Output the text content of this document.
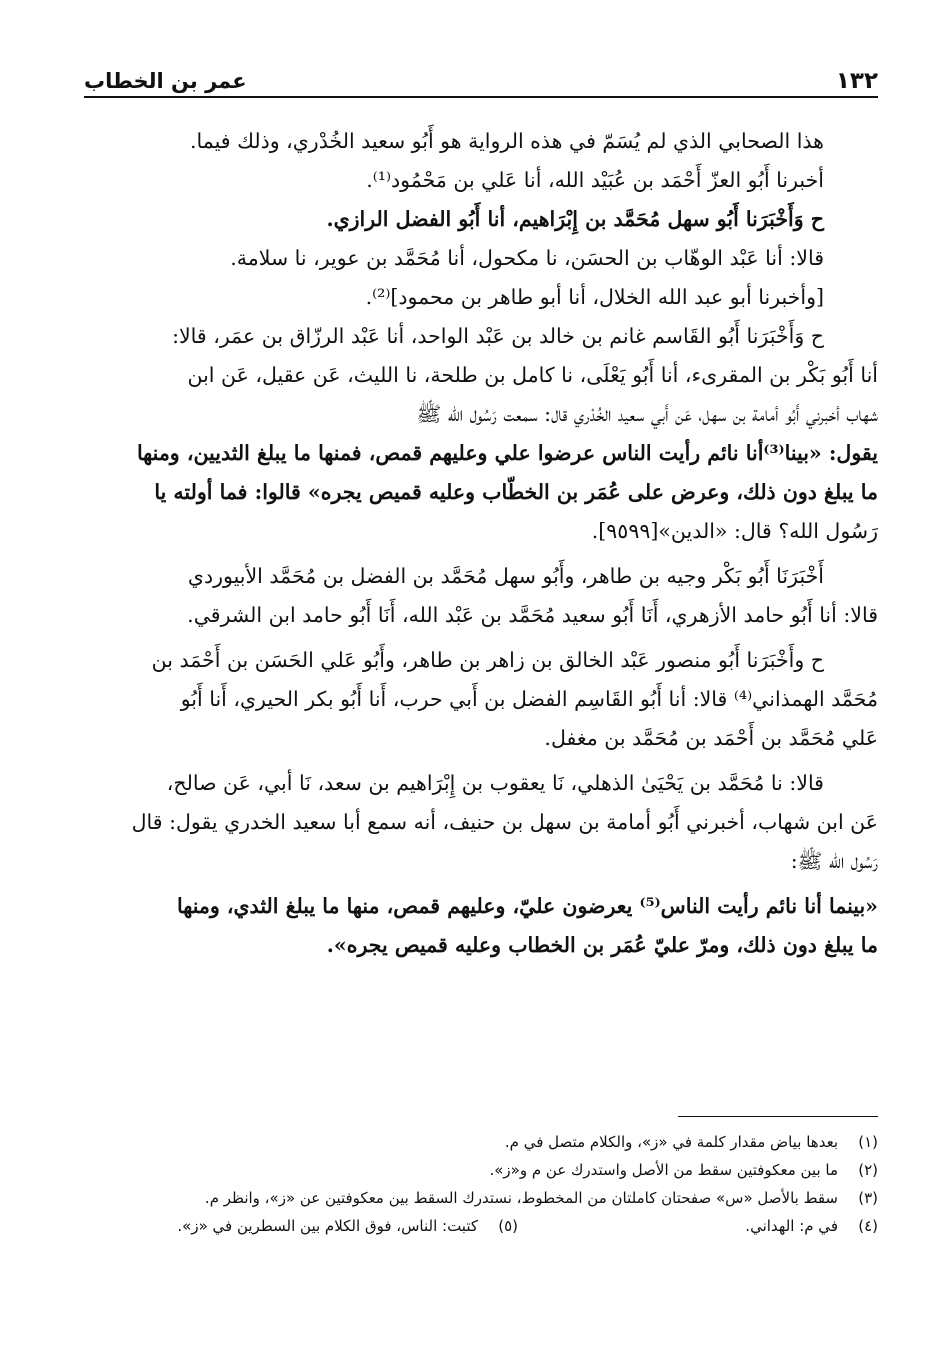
١٣٢
عمر بن الخطاب
هذا الصحابي الذي لم يُسَمّ في هذه الرواية هو أَبُو سعيد الخُدْري، وذلك فيما.
أخبرنا أَبُو العزّ أَحْمَد بن عُبَيْد الله، أنا عَلي بن مَحْمُود⁽¹⁾.
ح وَأَخْبَرَنا أَبُو سهل مُحَمَّد بن إِبْرَاهيم، أنا أَبُو الفضل الرازي.
قالا: أنا عَبْد الوهّاب بن الحسَن، نا مكحول، أنا مُحَمَّد بن عوير، نا سلامة.
[وأخبرنا أبو عبد الله الخلال، أنا أبو طاهر بن محمود]⁽²⁾.
ح وَأَخْبَرَنا أَبُو القَاسم غانم بن خالد بن عَبْد الواحد، أنا عَبْد الرزّاق بن عمَر، قالا:
أنا أَبُو بَكْر بن المقرىء، أنا أَبُو يَعْلَى، نا كامل بن طلحة، نا الليث، عَن عقيل، عَن ابن
شهاب أخبرني أَبُو أمامة بن سهل، عَن أَبي سعيد الخُدْري قال: سمعت رَسُول الله ﷺ
يقول: «بينا⁽³⁾أنا نائم رأيت الناس عرضوا علي وعليهم قمص، فمنها ما يبلغ الثديين، ومنها
ما يبلغ دون ذلك، وعرض على عُمَر بن الخطّاب وعليه قميص يجره» قالوا: فما أولته يا
رَسُول الله؟ قال: «الدين»[٩٥٩٩].
أَخْبَرَنَا أَبُو بَكْر وجيه بن طاهر، وأَبُو سهل مُحَمَّد بن الفضل بن مُحَمَّد الأبيوردي
قالا: أنا أَبُو حامد الأزهري، أَنَا أَبُو سعيد مُحَمَّد بن عَبْد الله، أَنَا أَبُو حامد ابن الشرقي.
ح وأَخْبَرَنا أَبُو منصور عَبْد الخالق بن زاهر بن طاهر، وأَبُو عَلي الحَسَن بن أَحْمَد بن
مُحَمَّد الهمذاني⁽⁴⁾ قالا: أنا أَبُو القَاسِم الفضل بن أَبي حرب، أَنا أَبُو بكر الحيري، أَنا أَبُو
عَلي مُحَمَّد بن أَحْمَد بن مُحَمَّد بن مغفل.
قالا: نا مُحَمَّد بن يَحْيَىٰ الذهلي، نَا يعقوب بن إِبْرَاهيم بن سعد، نَا أبي، عَن صالح،
عَن ابن شهاب، أخبرني أَبُو أمامة بن سهل بن حنيف، أنه سمع أبا سعيد الخدري يقول: قال
رَسُول الله ﷺ:
«بينما أنا نائم رأيت الناس⁽⁵⁾ يعرضون عليّ، وعليهم قمص، منها ما يبلغ الثدي، ومنها
ما يبلغ دون ذلك، ومرّ عليّ عُمَر بن الخطاب وعليه قميص يجره».
(١)
بعدها بياض مقدار كلمة في «ز»، والكلام متصل في م.
(٢)
ما بين معكوفتين سقط من الأصل واستدرك عن م و«ز».
(٣)
سقط بالأصل «س» صفحتان كاملتان من المخطوط، نستدرك السقط بين معكوفتين عن «ز»، وانظر م.
(٤)
في م: الهداني.
(٥)
كتبت: الناس، فوق الكلام بين السطرين في «ز».
